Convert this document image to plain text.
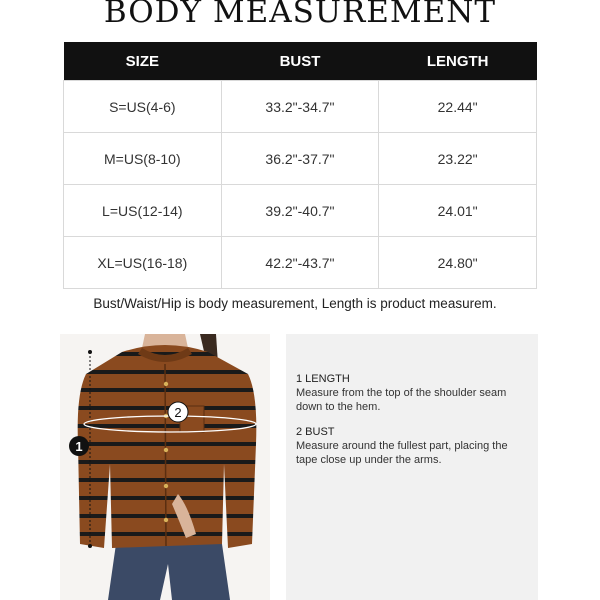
BODY MEASUREMENT
SIZE	BUST	LENGTH
S=US(4-6)	33.2"-34.7"	22.44"
M=US(8-10)	36.2"-37.7"	23.22"
L=US(12-14)	39.2"-40.7"	24.01"
XL=US(16-18)	42.2"-43.7"	24.80"
Bust/Waist/Hip is body measurement, Length is product measurem.
1
2
1 LENGTH
Measure from the top of the shoulder seam down to the hem.
2 BUST
Measure around the fullest part, placing the tape close up under the arms.
